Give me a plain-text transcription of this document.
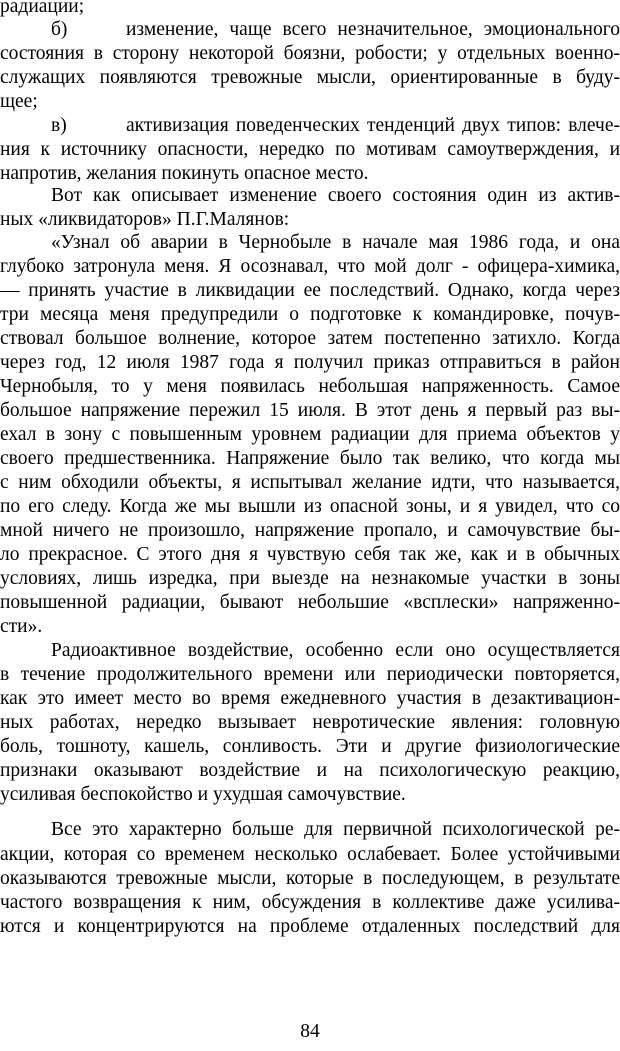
радиации;
б)	изменение, чаще всего незначительное, эмоционального
состояния в сторону некоторой боязни, робости; у отдельных военно-
служащих появляются тревожные мысли, ориентированные в буду-
щее;
в)	активизация поведенческих тенденций двух типов: влече-
ния к источнику опасности, нередко по мотивам самоутверждения, и
напротив, желания покинуть опасное место.
Вот как описывает изменение своего состояния один из актив-
ных «ликвидаторов» П.Г.Малянов:
«Узнал об аварии в Чернобыле в начале мая 1986 года, и она
глубоко затронула меня. Я осознавал, что мой долг - офицера-химика,
— принять участие в ликвидации ее последствий. Однако, когда через
три месяца меня предупредили о подготовке к командировке, почув-
ствовал большое волнение, которое затем постепенно затихло. Когда
через год, 12 июля 1987 года я получил приказ отправиться в район
Чернобыля, то у меня появилась небольшая напряженность. Самое
большое напряжение пережил 15 июля. В этот день я первый раз вы-
ехал в зону с повышенным уровнем радиации для приема объектов у
своего предшественника. Напряжение было так велико, что когда мы
с ним обходили объекты, я испытывал желание идти, что называется,
по его следу. Когда же мы вышли из опасной зоны, и я увидел, что со
мной ничего не произошло, напряжение пропало, и самочувствие бы-
ло прекрасное. С этого дня я чувствую себя так же, как и в обычных
условиях, лишь изредка, при выезде на незнакомые участки в зоны
повышенной радиации, бывают небольшие «всплески» напряженно-
сти».
Радиоактивное воздействие, особенно если оно осуществляется
в течение продолжительного времени или периодически повторяется,
как это имеет место во время ежедневного участия в дезактивацион-
ных работах, нередко вызывает невротические явления: головную
боль, тошноту, кашель, сонливость. Эти и другие физиологические
признаки оказывают воздействие и на психологическую реакцию,
усиливая беспокойство и ухудшая самочувствие.
Все это характерно больше для первичной психологической ре-
акции, которая со временем несколько ослабевает. Более устойчивыми
оказываются тревожные мысли, которые в последующем, в результате
частого возвращения к ним, обсуждения в коллективе даже усилива-
ются и концентрируются на проблеме отдаленных последствий для
84
